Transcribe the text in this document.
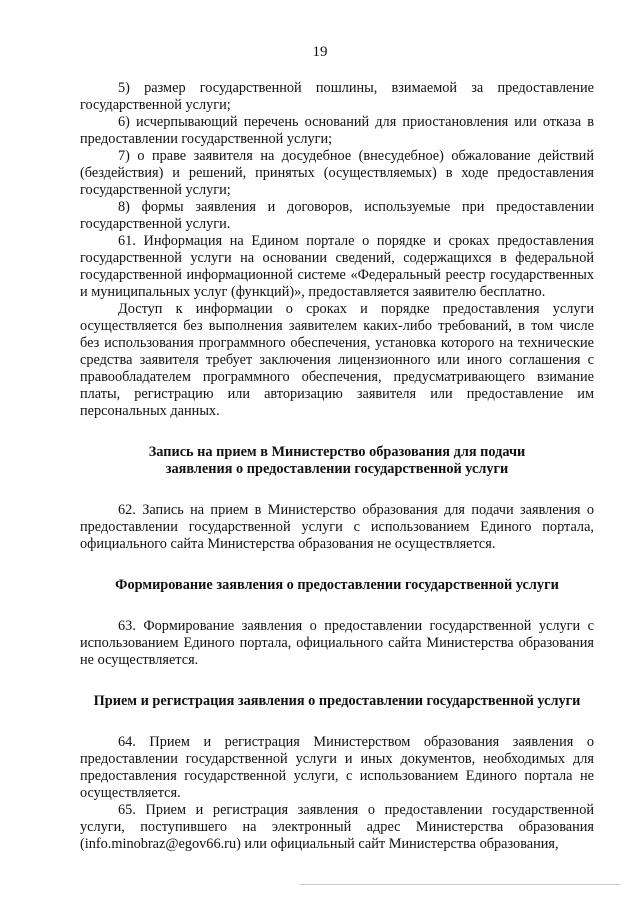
19

5) размер государственной пошлины, взимаемой за предоставление государственной услуги;

6) исчерпывающий перечень оснований для приостановления или отказа в предоставлении государственной услуги;

7) о праве заявителя на досудебное (внесудебное) обжалование действий (бездействия) и решений, принятых (осуществляемых) в ходе предоставления государственной услуги;

8) формы заявления и договоров, используемые при предоставлении государственной услуги.

61. Информация на Едином портале о порядке и сроках предоставления государственной услуги на основании сведений, содержащихся в федеральной государственной информационной системе «Федеральный реестр государственных и муниципальных услуг (функций)», предоставляется заявителю бесплатно.

Доступ к информации о сроках и порядке предоставления услуги осуществляется без выполнения заявителем каких-либо требований, в том числе без использования программного обеспечения, установка которого на технические средства заявителя требует заключения лицензионного или иного соглашения с правообладателем программного обеспечения, предусматривающего взимание платы, регистрацию или авторизацию заявителя или предоставление им персональных данных.

Запись на прием в Министерство образования для подачи

заявления о предоставлении государственной услуги

62. Запись на прием в Министерство образования для подачи заявления о предоставлении государственной услуги с использованием Единого портала, официального сайта Министерства образования не осуществляется.

Формирование заявления о предоставлении государственной услуги

63. Формирование заявления о предоставлении государственной услуги с использованием Единого портала, официального сайта Министерства образования не осуществляется.

Прием и регистрация заявления о предоставлении государственной услуги

64. Прием и регистрация Министерством образования заявления о предоставлении государственной услуги и иных документов, необходимых для предоставления государственной услуги, с использованием Единого портала не осуществляется.

65. Прием и регистрация заявления о предоставлении государственной услуги, поступившего на электронный адрес Министерства образования (info.minobraz@egov66.ru) или официальный сайт Министерства образования,
